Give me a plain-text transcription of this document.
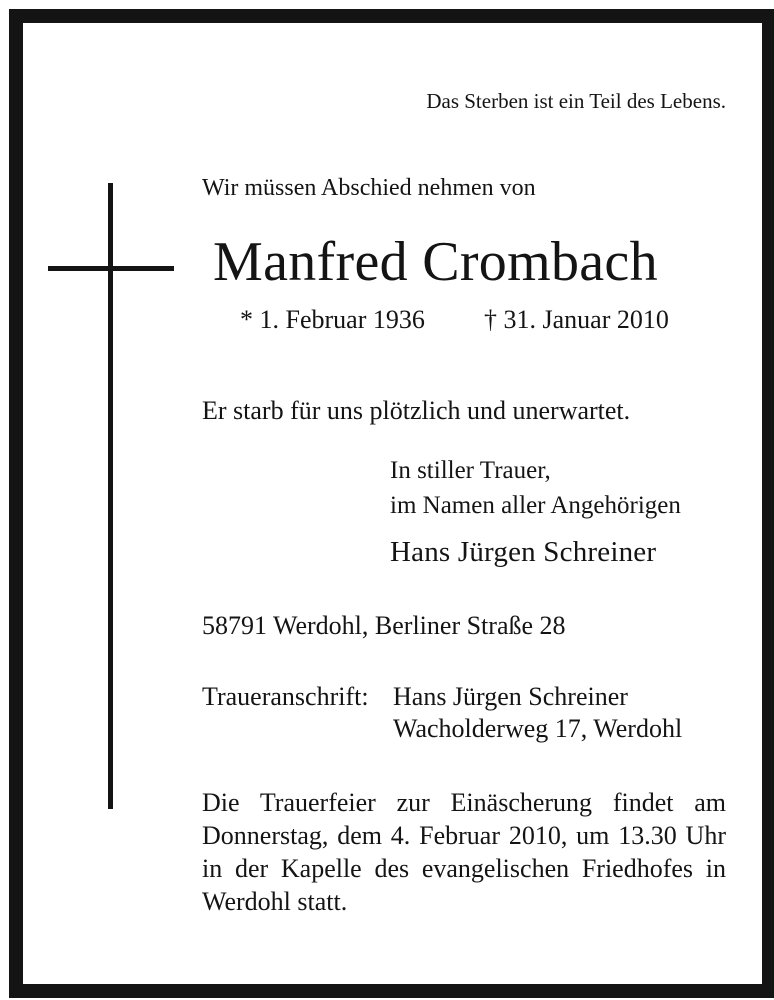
Das Sterben ist ein Teil des Lebens.
Wir müssen Abschied nehmen von
Manfred Crombach
* 1. Februar 1936 † 31. Januar 2010
Er starb für uns plötzlich und unerwartet.
In stiller Trauer,
im Namen aller Angehörigen
Hans Jürgen Schreiner
58791 Werdohl, Berliner Straße 28
Traueranschrift: Hans Jürgen Schreiner
Wacholderweg 17, Werdohl
Die Trauerfeier zur Einäscherung findet am Donnerstag, dem 4. Februar 2010, um 13.30 Uhr in der Kapelle des evangelischen Friedhofes in Werdohl statt.
